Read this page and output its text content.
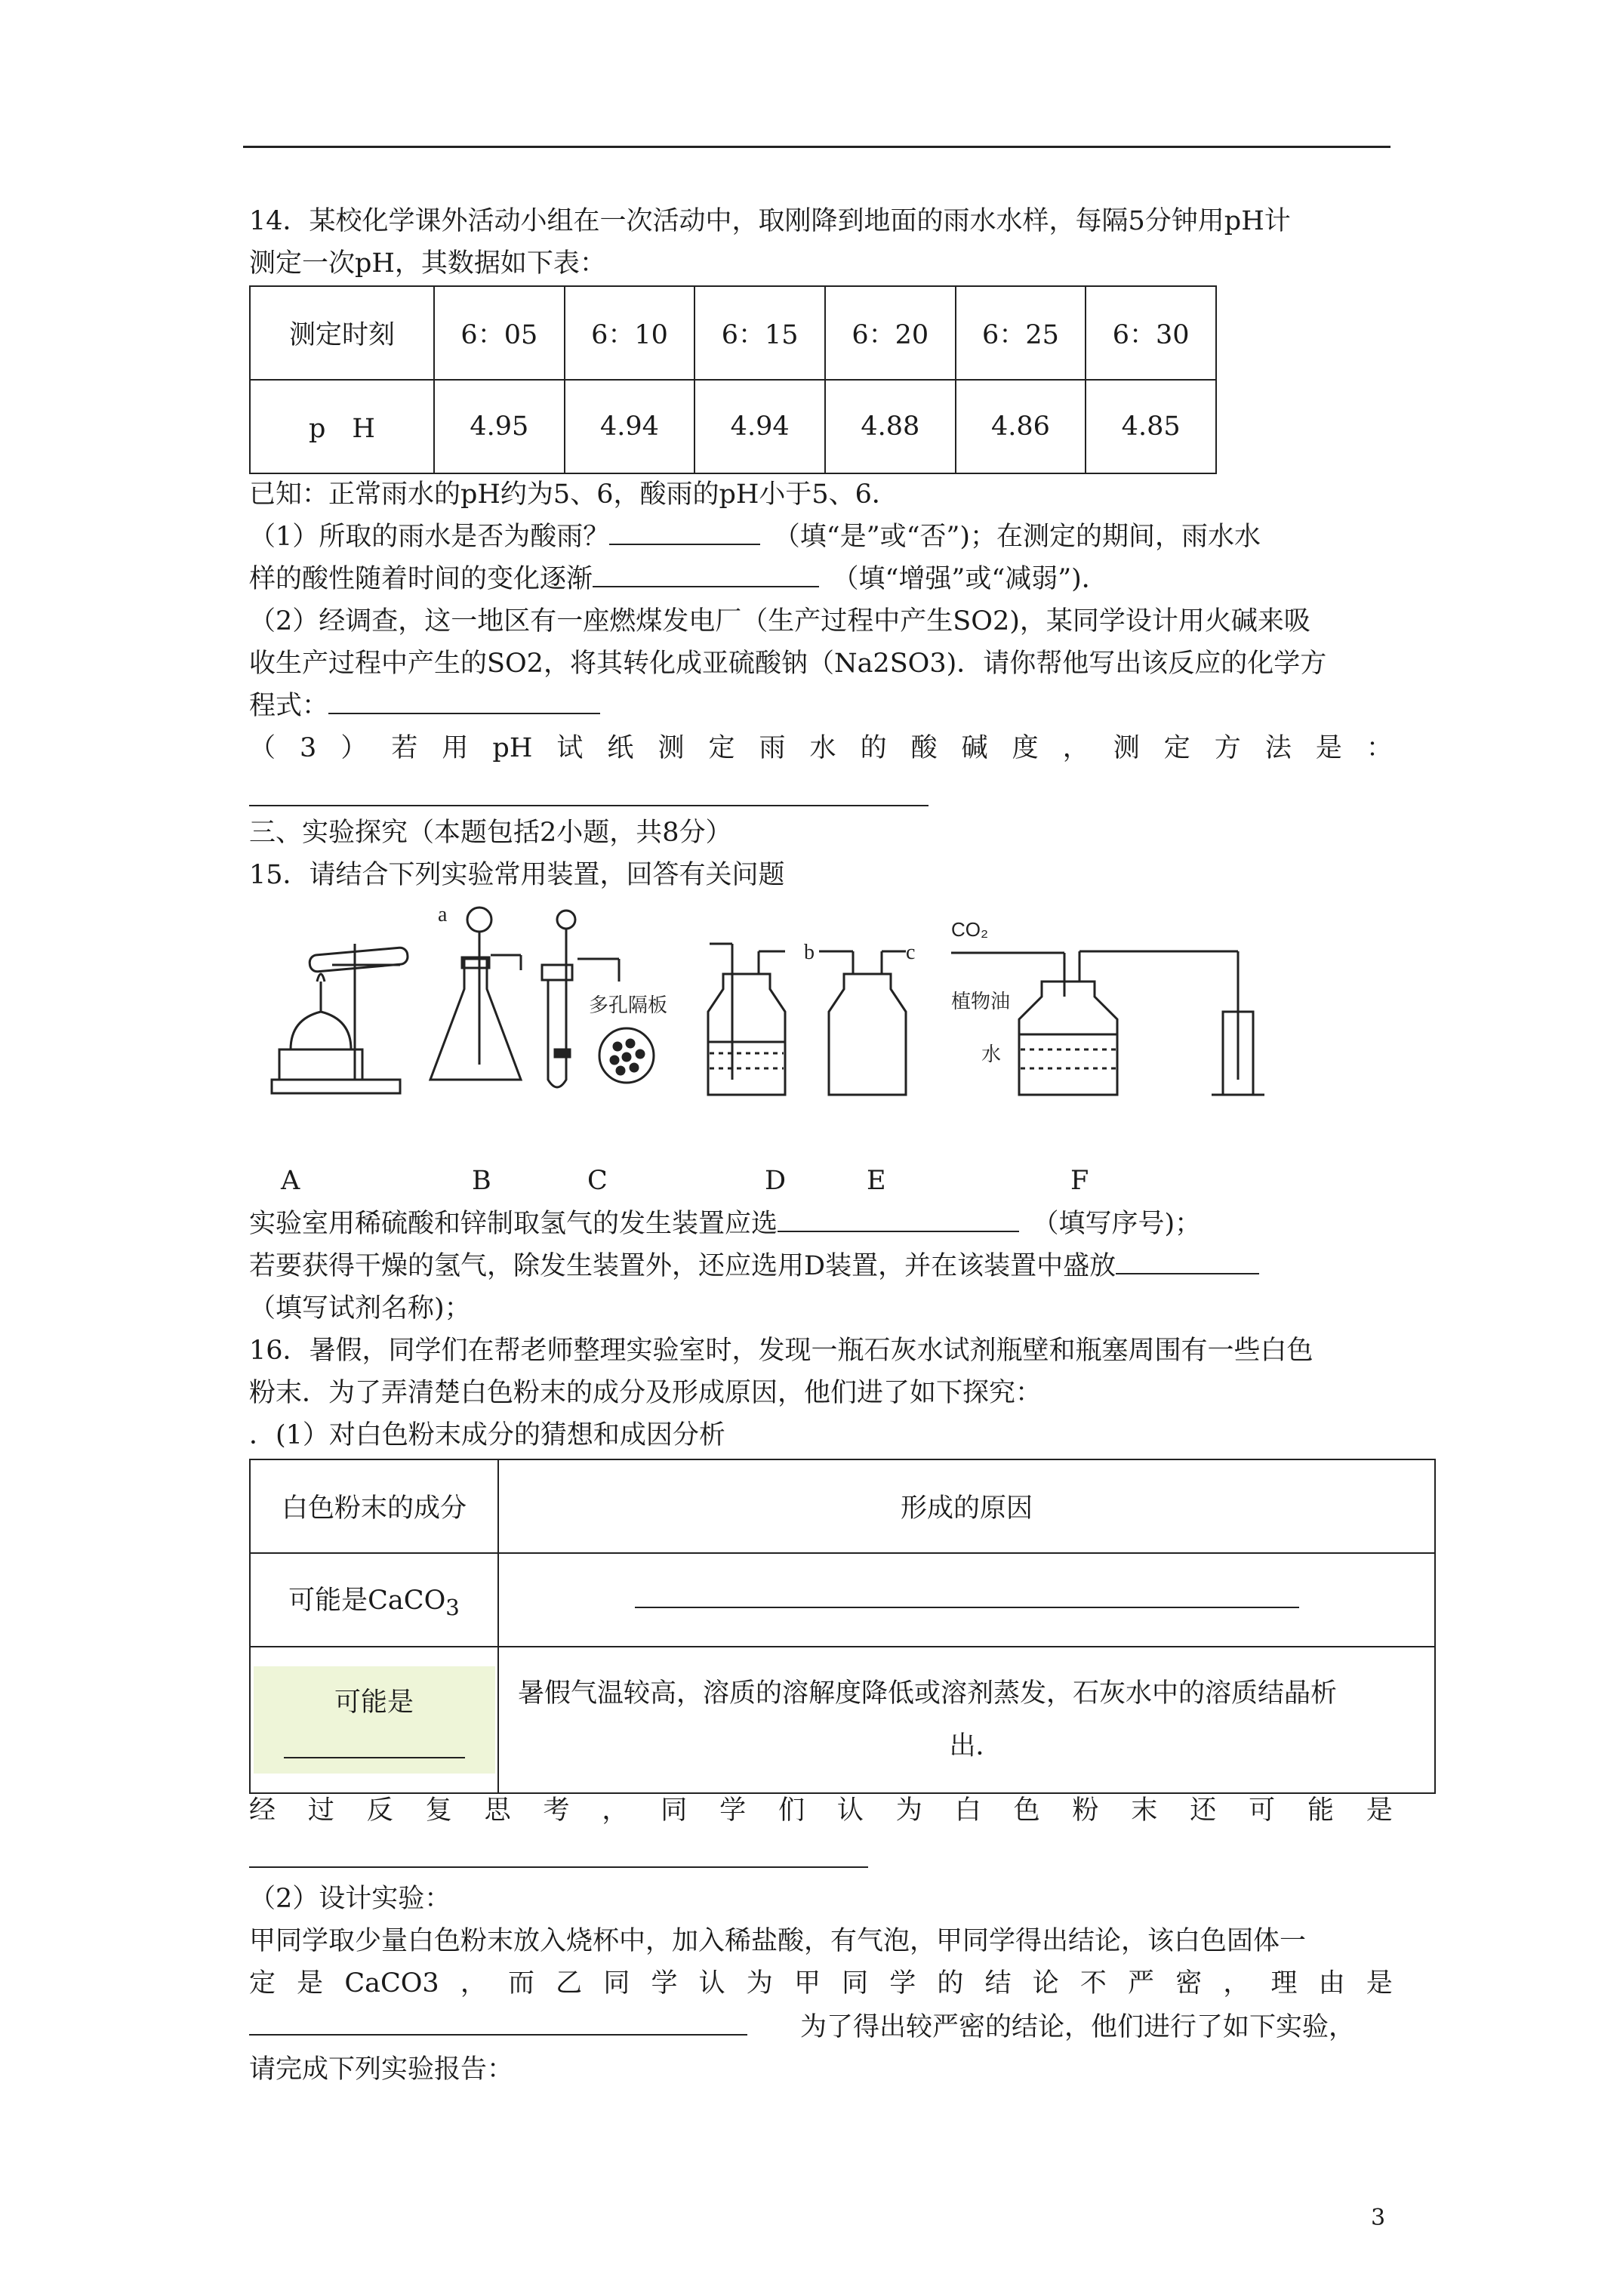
14．某校化学课外活动小组在一次活动中，取刚降到地面的雨水水样，每隔5分钟用pH计
测定一次pH，其数据如下表：
测定时刻	6：05	6：10	6：15	6：20	6：25	6：30
p　H	4.95	4.94	4.94	4.88	4.86	4.85
已知：正常雨水的pH约为5、6，酸雨的pH小于5、6．
（1）所取的雨水是否为酸雨？　	（填“是”或“否”)；在测定的期间，雨水水
样的酸性随着时间的变化逐渐　	（填“增强”或“减弱”)．
（2）经调查，这一地区有一座燃煤发电厂（生产过程中产生SO2)，某同学设计用火碱来吸
收生产过程中产生的SO2，将其转化成亚硫酸钠（Na2SO3)．请你帮他写出该反应的化学方
程式：
（ 3 ） 若 用 pH 试 纸 测 定 雨 水 的 酸 碱 度 ， 测 定 方 法 是 ：
三、实验探究（本题包括2小题，共8分）
15．请结合下列实验常用装置，回答有关问题
a
多孔隔板
b	c
CO₂
植物油
水
A	B	C	D	E	F
实验室用稀硫酸和锌制取氢气的发生装置应选　	（填写序号)；
若要获得干燥的氢气，除发生装置外，还应选用D装置，并在该装置中盛放
（填写试剂名称)；
16．暑假，同学们在帮老师整理实验室时，发现一瓶石灰水试剂瓶壁和瓶塞周围有一些白色
粉末．为了弄清楚白色粉末的成分及形成原因，他们进了如下探究：
．(1）对白色粉末成分的猜想和成因分析
白色粉末的成分	形成的原因
可能是CaCO$_3$	

可能是	暑假气温较高，溶质的溶解度降低或溶剂蒸发，石灰水中的溶质结晶析
出．
经 过 反 复 思 考 ， 同 学 们 认 为 白 色 粉 末 还 可 能 是
（2）设计实验：
甲同学取少量白色粉末放入烧杯中，加入稀盐酸，有气泡，甲同学得出结论，该白色固体一
定 是 CaCO3 ， 而 乙 同 学 认 为 甲 同 学 的 结 论 不 严 密 ， 理 由 是
　　为了得出较严密的结论，他们进行了如下实验，
请完成下列实验报告：
3
